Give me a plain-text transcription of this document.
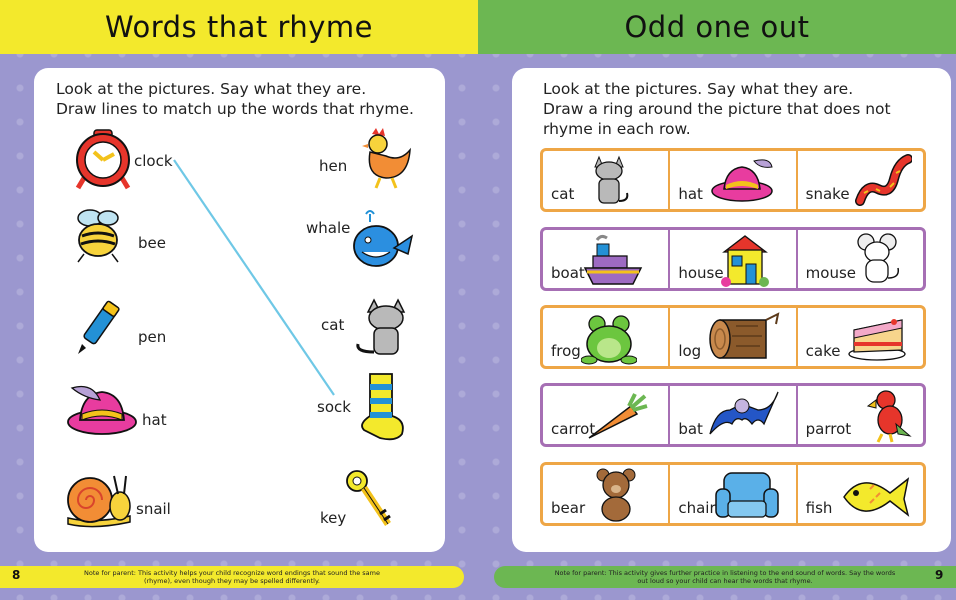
Words that rhyme	Odd one out
Look at the pictures. Say what they are.
Draw lines to match up the words that rhyme.
clock
bee
pen
hat
snail
hen
whale
cat
sock
key
Look at the pictures. Say what they are.
Draw a ring around the picture that does not
rhyme in each row.
cat	hat	snake
boat	house	mouse
frog	log	cake
carrot	bat	parrot
bear	chair	fish
Note for parent: This activity helps your child recognize word endings that sound the same (rhyme), even though they may be spelled differently.
8	Note for parent: This activity gives further practice in listening to the end sound of words. Say the words out loud so your child can hear the words that rhyme.	9
